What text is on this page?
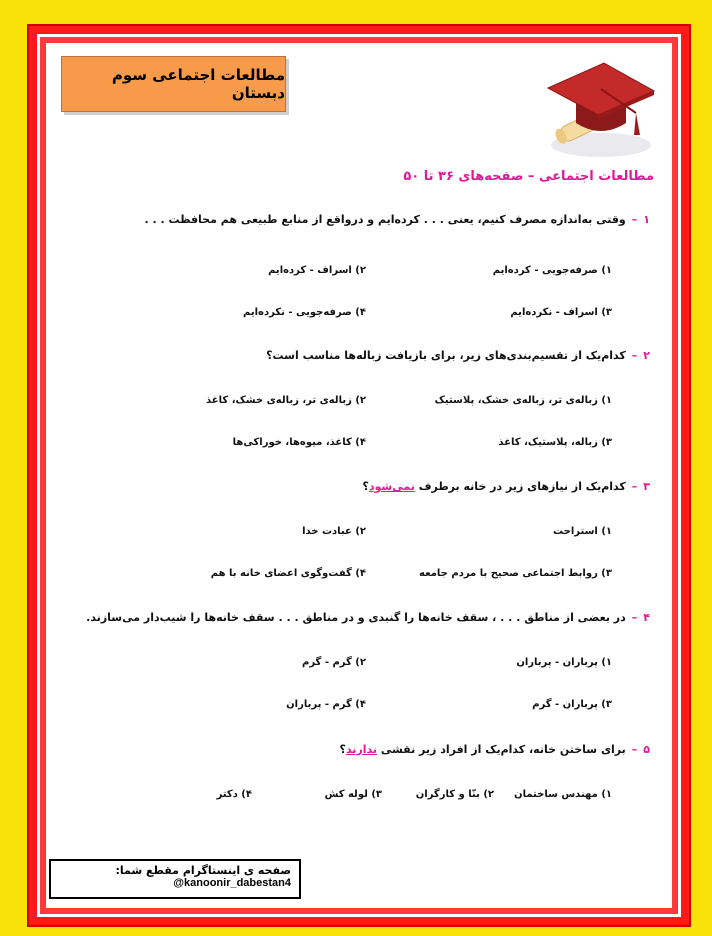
مطالعات اجتماعی سوم دبستان
مطالعات اجتماعی – صفحه‌های ۳۶ تا ۵۰
۱–وقتی به‌اندازه مصرف کنیم، یعنی . . . کرده‌ایم و درواقع از منابع طبیعی هم محافظت . . .
۱) صرفه‌جویی - کرده‌ایم
۲) اسراف - کرده‌ایم
۳) اسراف - نکرده‌ایم
۴) صرفه‌جویی - نکرده‌ایم
۲–کدام‌یک از تقسیم‌بندی‌های زیر، برای بازیافت زباله‌ها مناسب است؟
۱) زباله‌ی تر، زباله‌ی خشک، پلاستیک
۲) زباله‌ی تر، زباله‌ی خشک، کاغذ
۳) زباله، پلاستیک، کاغذ
۴) کاغذ، میوه‌ها، خوراکی‌ها
۳–کدام‌یک از نیازهای زیر در خانه برطرف نمی‌شود؟
۱) استراحت
۲) عبادت خدا
۳) روابط اجتماعی صحیح با مردم جامعه
۴) گفت‌وگوی اعضای خانه با هم
۴–در بعضی از مناطق . . . ، سقف خانه‌ها را گنبدی و در مناطق . . . سقف خانه‌ها را شیب‌دار می‌سازند.
۱) پرباران - پرباران
۲) گرم - گرم
۳) پرباران - گرم
۴) گرم - پرباران
۵–برای ساختن خانه، کدام‌یک از افراد زیر نقشی ندارند؟
۱) مهندس ساختمان
۲) بنّا و کارگران
۳) لوله کش
۴) دکتر
صفحه ی اینستاگرام مقطع شما:
@kanoonir_dabestan4
